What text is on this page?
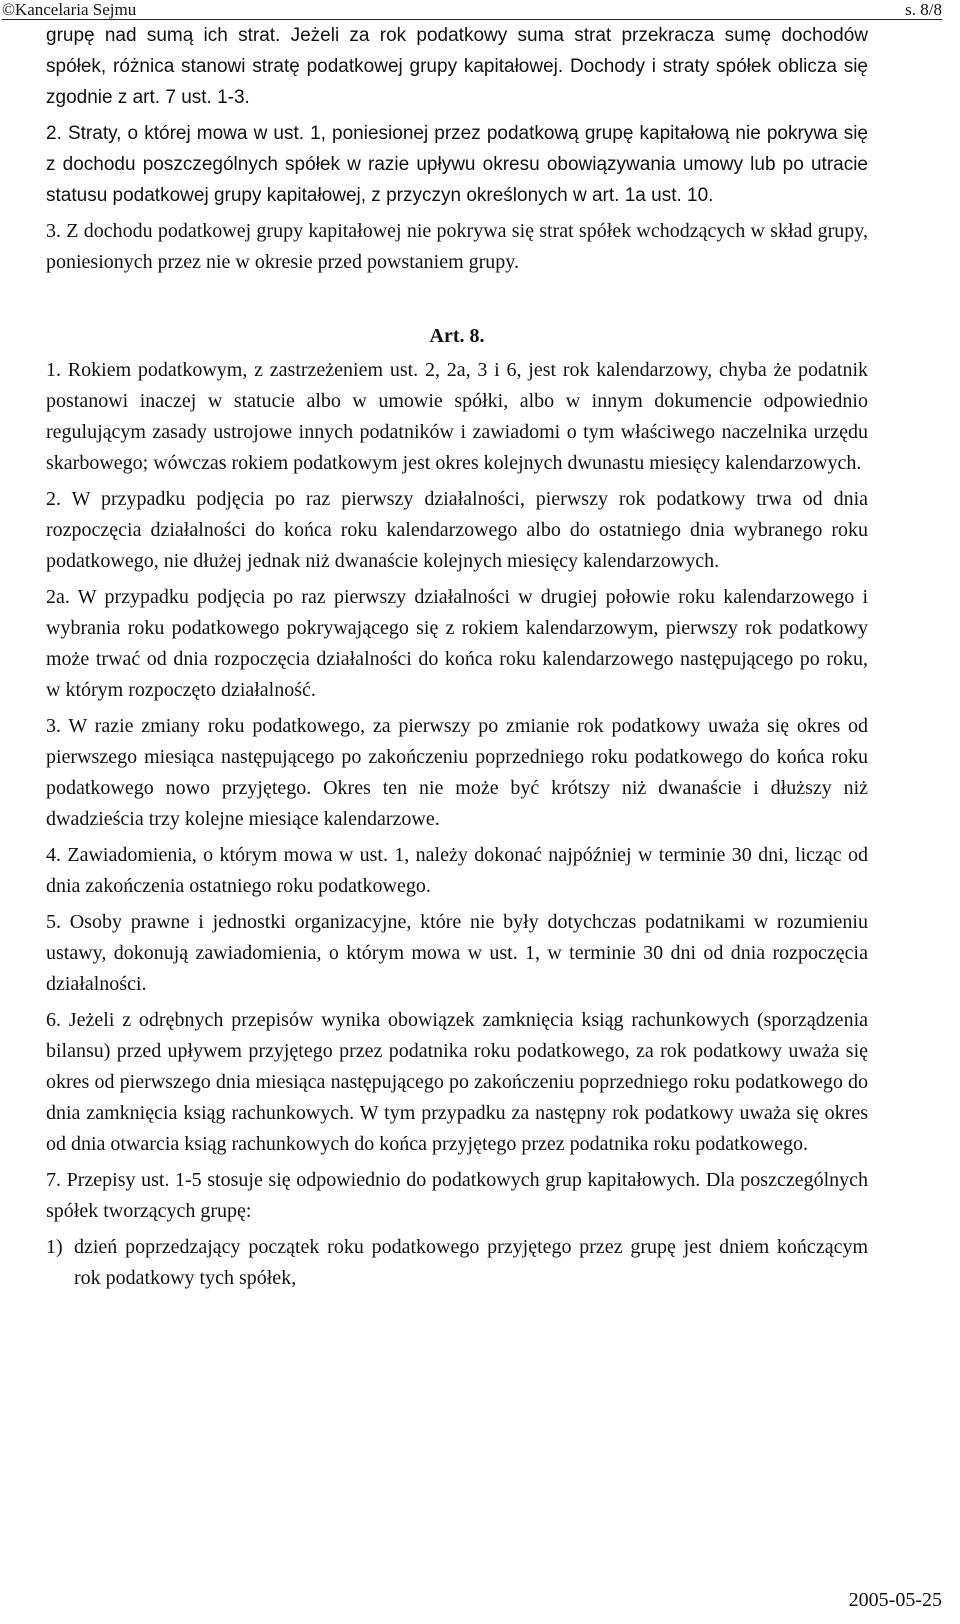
©Kancelaria Sejmu	s. 8/8

grupę nad sumą ich strat. Jeżeli za rok podatkowy suma strat przekracza sumę dochodów spółek, różnica stanowi stratę podatkowej grupy kapitałowej. Dochody i straty spółek oblicza się zgodnie z art. 7 ust. 1-3.

2. Straty, o której mowa w ust. 1, poniesionej przez podatkową grupę kapitałową nie pokrywa się z dochodu poszczególnych spółek w razie upływu okresu obowiązywania umowy lub po utracie statusu podatkowej grupy kapitałowej, z przyczyn określonych w art. 1a ust. 10.

3. Z dochodu podatkowej grupy kapitałowej nie pokrywa się strat spółek wchodzących w skład grupy, poniesionych przez nie w okresie przed powstaniem grupy.

Art. 8.

1. Rokiem podatkowym, z zastrzeżeniem ust. 2, 2a, 3 i 6, jest rok kalendarzowy, chyba że podatnik postanowi inaczej w statucie albo w umowie spółki, albo w innym dokumencie odpowiednio regulującym zasady ustrojowe innych podatników i zawiadomi o tym właściwego naczelnika urzędu skarbowego; wówczas rokiem podatkowym jest okres kolejnych dwunastu miesięcy kalendarzowych.

2. W przypadku podjęcia po raz pierwszy działalności, pierwszy rok podatkowy trwa od dnia rozpoczęcia działalności do końca roku kalendarzowego albo do ostatniego dnia wybranego roku podatkowego, nie dłużej jednak niż dwanaście kolejnych miesięcy kalendarzowych.

2a. W przypadku podjęcia po raz pierwszy działalności w drugiej połowie roku kalendarzowego i wybrania roku podatkowego pokrywającego się z rokiem kalendarzowym, pierwszy rok podatkowy może trwać od dnia rozpoczęcia działalności do końca roku kalendarzowego następującego po roku, w którym rozpoczęto działalność.

3. W razie zmiany roku podatkowego, za pierwszy po zmianie rok podatkowy uważa się okres od pierwszego miesiąca następującego po zakończeniu poprzedniego roku podatkowego do końca roku podatkowego nowo przyjętego. Okres ten nie może być krótszy niż dwanaście i dłuższy niż dwadzieścia trzy kolejne miesiące kalendarzowe.

4. Zawiadomienia, o którym mowa w ust. 1, należy dokonać najpóźniej w terminie 30 dni, licząc od dnia zakończenia ostatniego roku podatkowego.

5. Osoby prawne i jednostki organizacyjne, które nie były dotychczas podatnikami w rozumieniu ustawy, dokonują zawiadomienia, o którym mowa w ust. 1, w terminie 30 dni od dnia rozpoczęcia działalności.

6. Jeżeli z odrębnych przepisów wynika obowiązek zamknięcia ksiąg rachunkowych (sporządzenia bilansu) przed upływem przyjętego przez podatnika roku podatkowego, za rok podatkowy uważa się okres od pierwszego dnia miesiąca następującego po zakończeniu poprzedniego roku podatkowego do dnia zamknięcia ksiąg rachunkowych. W tym przypadku za następny rok podatkowy uważa się okres od dnia otwarcia ksiąg rachunkowych do końca przyjętego przez podatnika roku podatkowego.

7. Przepisy ust. 1-5 stosuje się odpowiednio do podatkowych grup kapitałowych. Dla poszczególnych spółek tworzących grupę:

1) dzień poprzedzający początek roku podatkowego przyjętego przez grupę jest dniem kończącym rok podatkowy tych spółek,

2005-05-25
